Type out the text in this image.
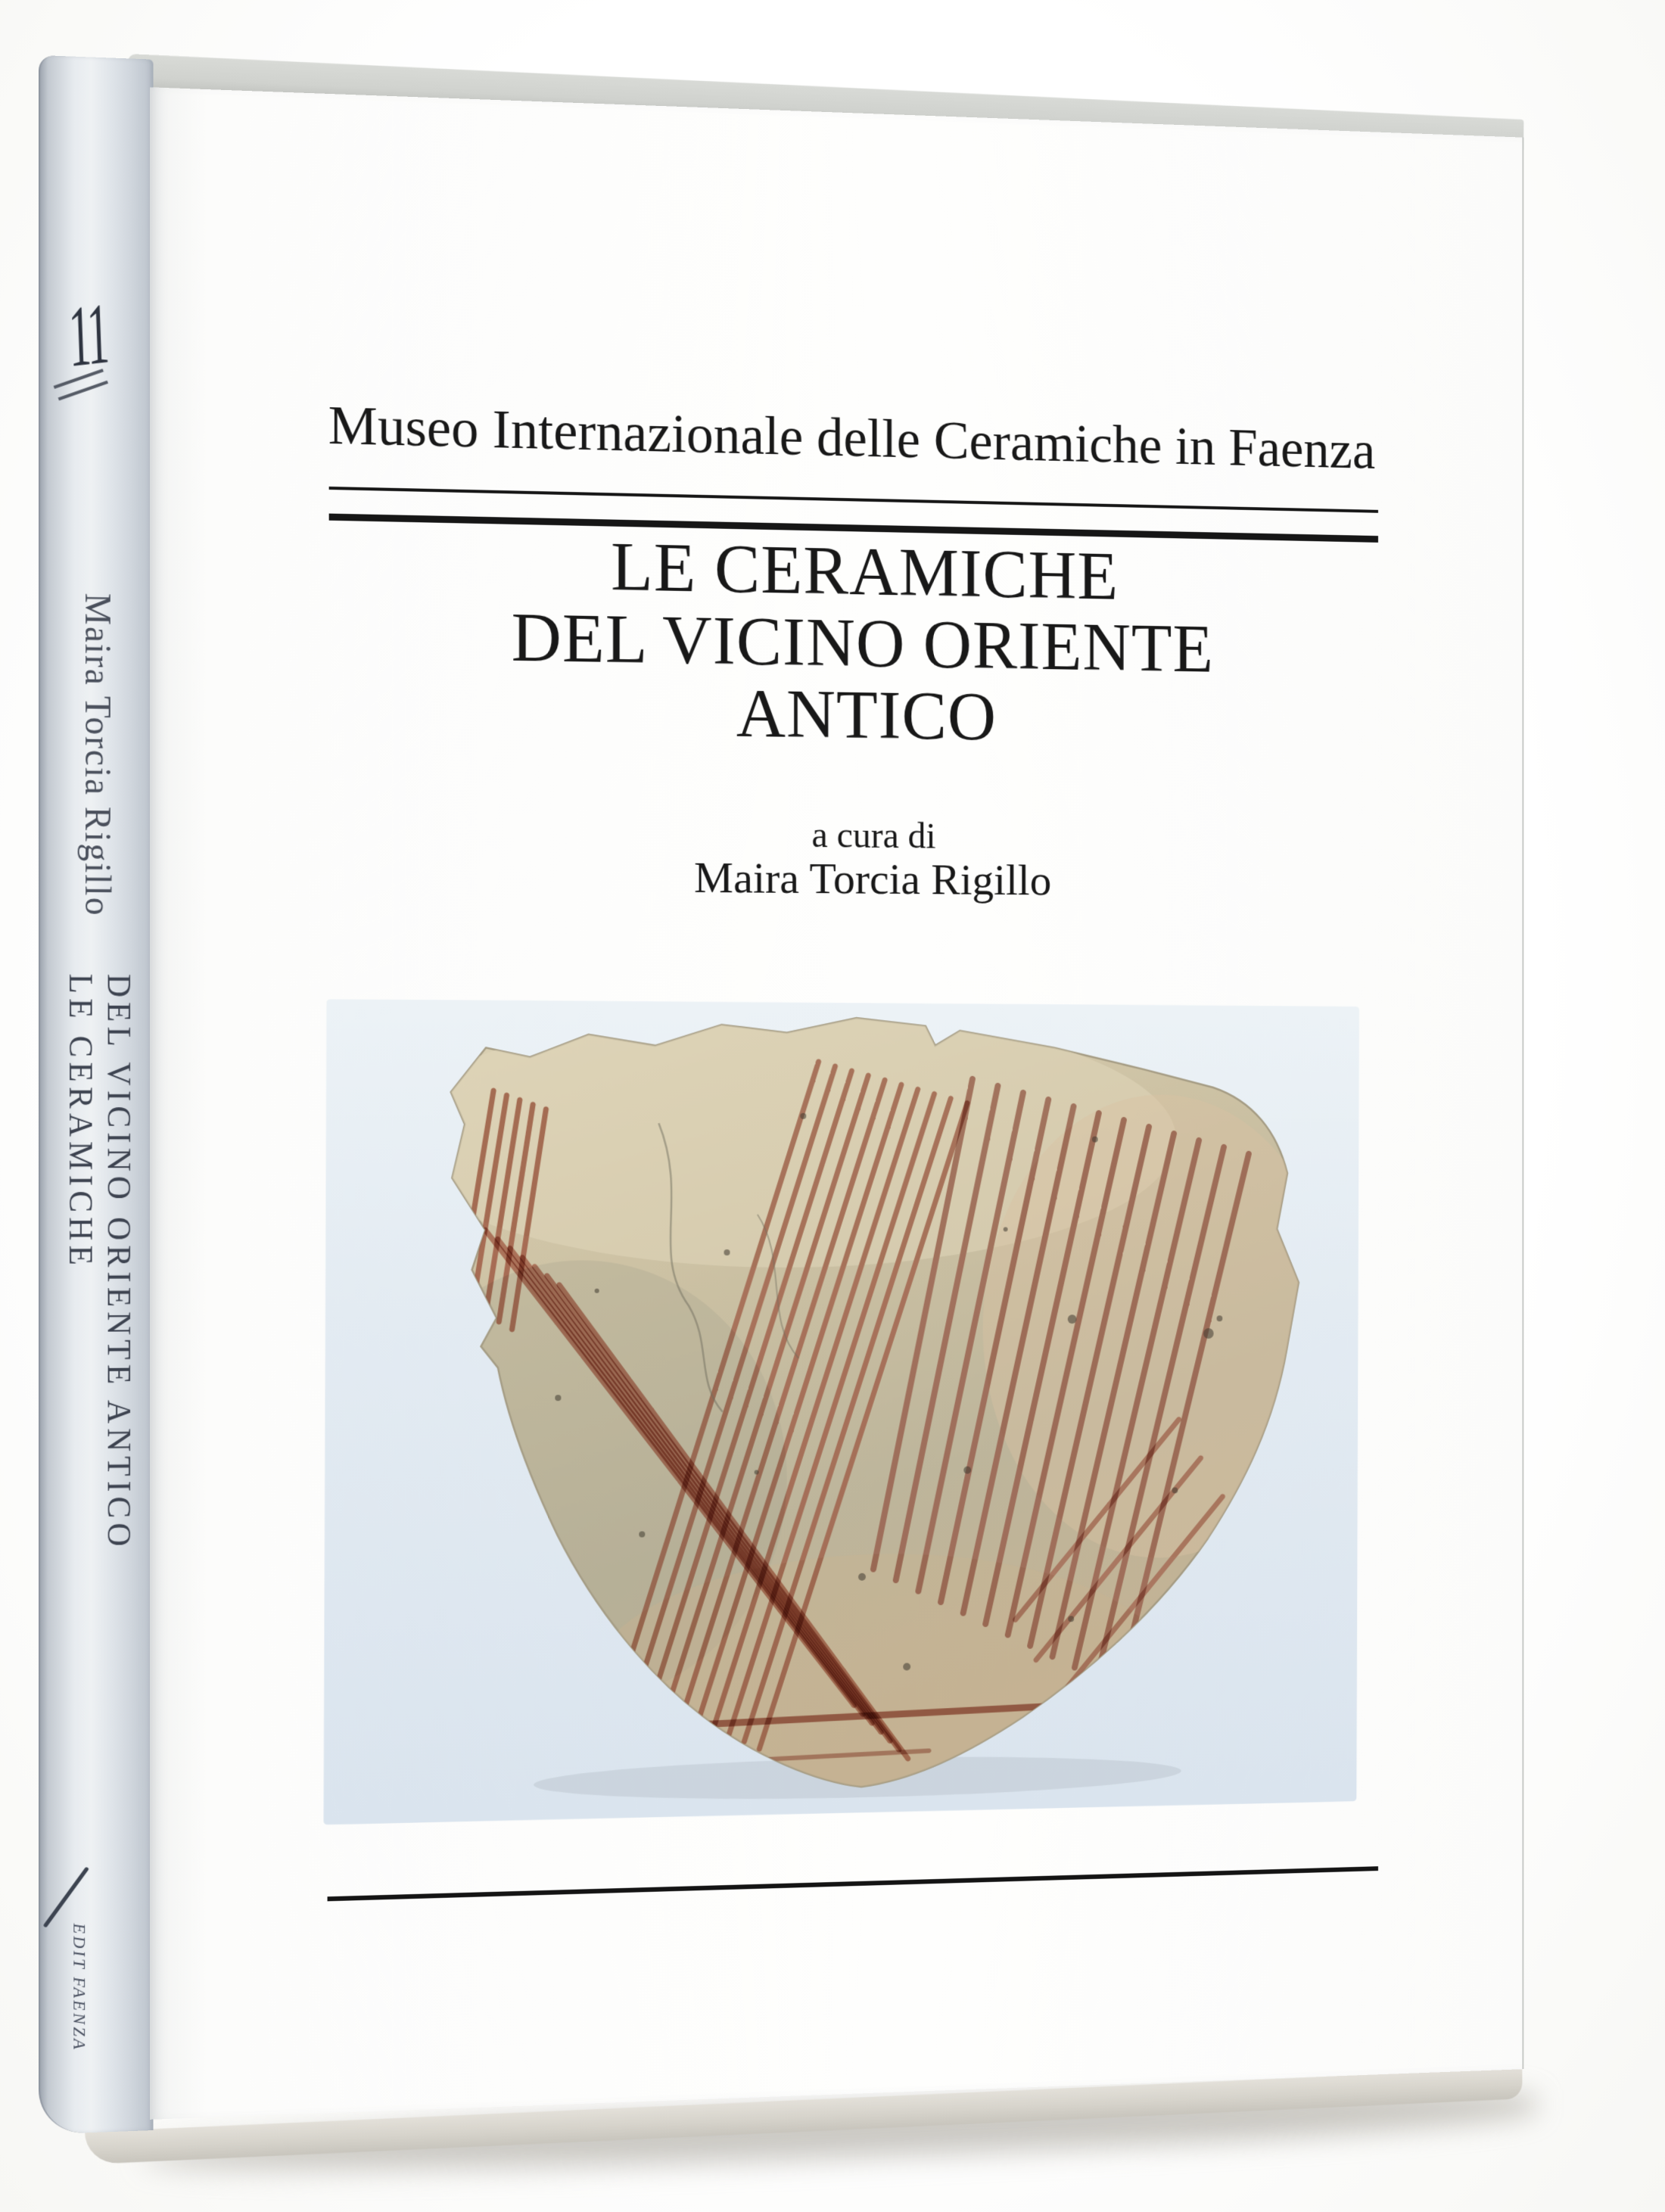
11
Maira Torcia Rigillo
LE CERAMICHE DEL VICINO ORIENTE ANTICO
EDIT FAENZA
Museo Internazionale delle Ceramiche in Faenza
LE CERAMICHE
DEL VICINO ORIENTE
ANTICO
a cura di
Maira Torcia Rigillo
